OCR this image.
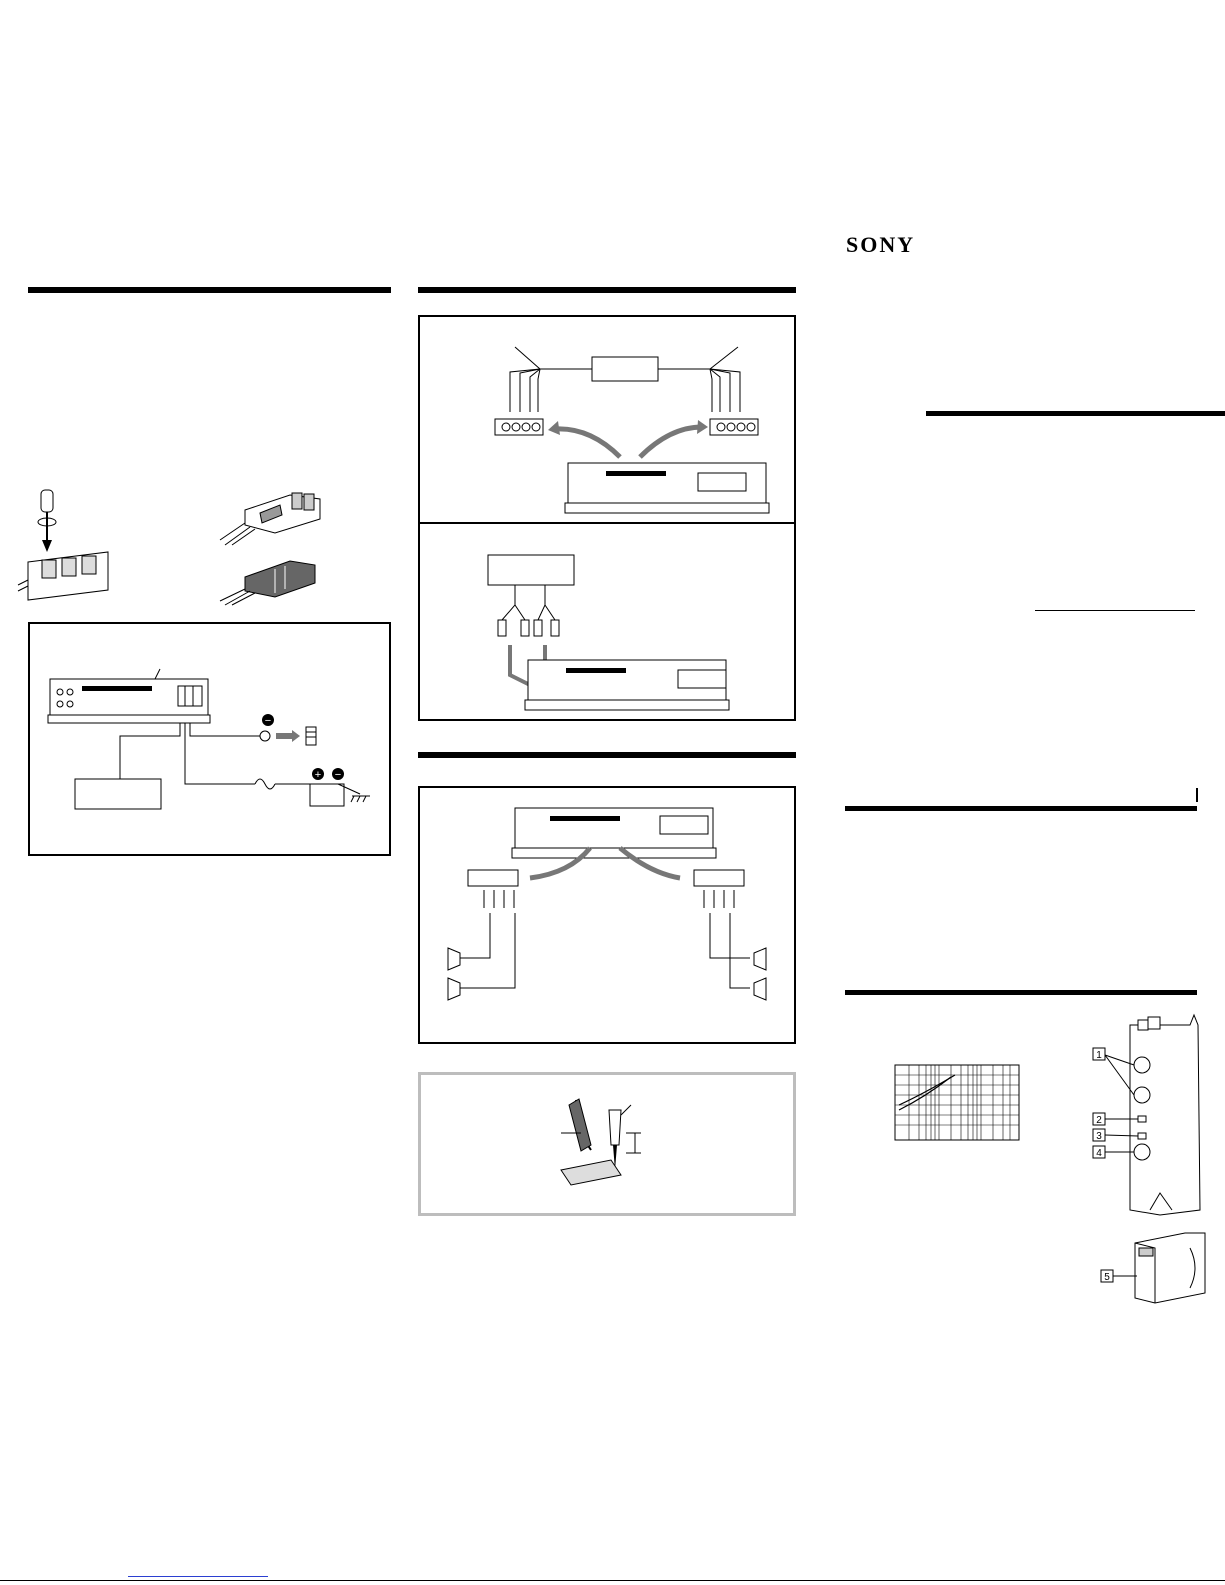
SONY
−
+ −
1
2
3
4
5
